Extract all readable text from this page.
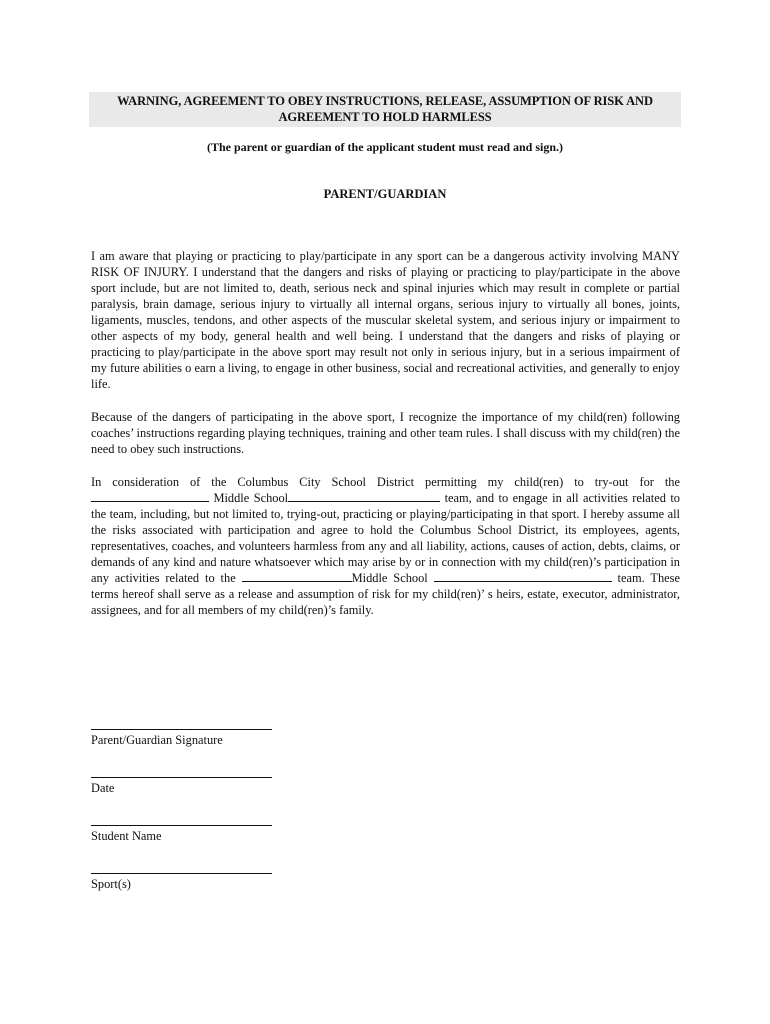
WARNING, AGREEMENT TO OBEY INSTRUCTIONS, RELEASE, ASSUMPTION OF RISK AND AGREEMENT TO HOLD HARMLESS
(The parent or guardian of the applicant student must read and sign.)
PARENT/GUARDIAN

I am aware that playing or practicing to play/participate in any sport can be a dangerous activity involving MANY RISK OF INJURY. I understand that the dangers and risks of playing or practicing to play/participate in the above sport include, but are not limited to, death, serious neck and spinal injuries which may result in complete or partial paralysis, brain damage, serious injury to virtually all internal organs, serious injury to virtually all bones, joints, ligaments, muscles, tendons, and other aspects of the muscular skeletal system, and serious injury or impairment to other aspects of my body, general health and well being. I understand that the dangers and risks of playing or practicing to play/participate in the above sport may result not only in serious injury, but in a serious impairment of my future abilities o earn a living, to engage in other business, social and recreational activities, and generally to enjoy life.

Because of the dangers of participating in the above sport, I recognize the importance of my child(ren) following coaches’ instructions regarding playing techniques, training and other team rules. I shall discuss with my child(ren) the need to obey such instructions.

In consideration of the Columbus City School District permitting my child(ren) to try-out for the  Middle School	team, and to engage in all activities related to the team, including, but not limited to, trying-out, practicing or playing/participating in that sport. I hereby assume all the risks associated with participation and agree to hold the Columbus School District, its employees, agents, representatives, coaches, and volunteers harmless from any and all liability, actions, causes of action, debts, claims, or demands of any kind and nature whatsoever which may arise by or in connection with my child(ren)’s participation in any activities related to the	Middle School	team. These terms hereof shall serve as a release and assumption of risk for my child(ren)’ s heirs, estate, executor, administrator, assignees, and for all members of my child(ren)’s family.

Parent/Guardian Signature
Date
Student Name
Sport(s)
